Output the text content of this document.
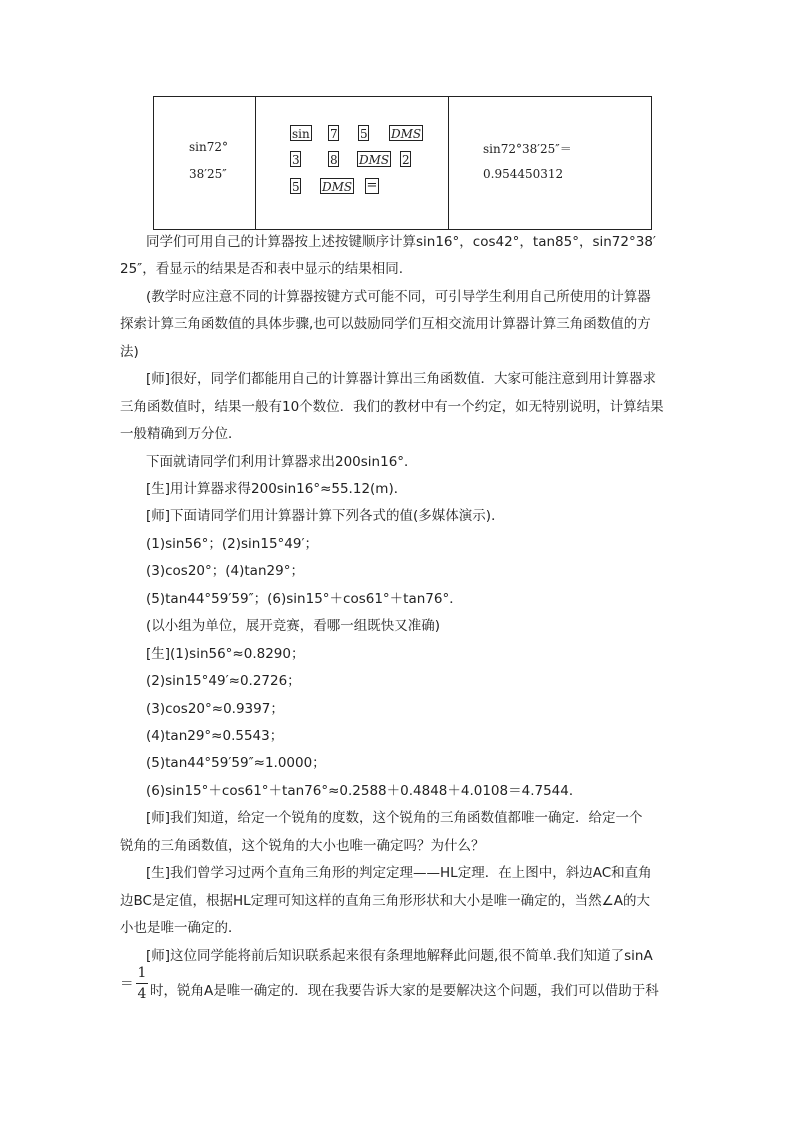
sin72°
38′25″
sin 7 5 DMS
3	8 DMS 2
5 DMS =
sin72°38′25″＝
0.954450312
同学们可用自己的计算器按上述按键顺序计算sin16°，cos42°，tan85°，sin72°38′
25″，看显示的结果是否和表中显示的结果相同.
(教学时应注意不同的计算器按键方式可能不同，可引导学生利用自己所使用的计算器
探索计算三角函数值的具体步骤,也可以鼓励同学们互相交流用计算器计算三角函数值的方
法)
[师]很好，同学们都能用自己的计算器计算出三角函数值．大家可能注意到用计算器求
三角函数值时，结果一般有10个数位．我们的教材中有一个约定，如无特别说明，计算结果
一般精确到万分位．
下面就请同学们利用计算器求出200sin16°．
[生]用计算器求得200sin16°≈55.12(m)．
[师]下面请同学们用计算器计算下列各式的值(多媒体演示)．
(1)sin56°；(2)sin15°49′；
(3)cos20°；(4)tan29°；
(5)tan44°59′59″；(6)sin15°＋cos61°＋tan76°．
(以小组为单位，展开竞赛，看哪一组既快又准确)
[生](1)sin56°≈0.8290；
(2)sin15°49′≈0.2726；
(3)cos20°≈0.9397；
(4)tan29°≈0.5543；
(5)tan44°59′59″≈1.0000；
(6)sin15°＋cos61°＋tan76°≈0.2588＋0.4848＋4.0108＝4.7544．
[师]我们知道，给定一个锐角的度数，这个锐角的三角函数值都唯一确定．给定一个
锐角的三角函数值，这个锐角的大小也唯一确定吗？为什么？
[生]我们曾学习过两个直角三角形的判定定理——HL定理．在上图中，斜边AC和直角
边BC是定值，根据HL定理可知这样的直角三角形形状和大小是唯一确定的，当然∠A的大
小也是唯一确定的．
[师]这位同学能将前后知识联系起来很有条理地解释此问题,很不简单.我们知道了sinA
＝
1
4 时，锐角A是唯一确定的．现在我要告诉大家的是要解决这个问题，我们可以借助于科
